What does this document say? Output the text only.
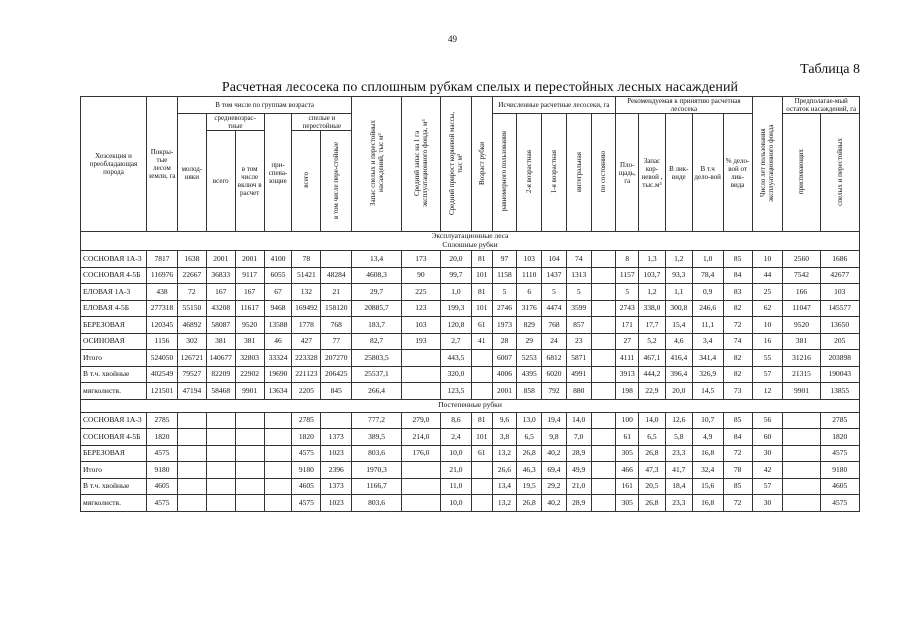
49
Таблица 8
Расчетная лесосека по сплошным рубкам спелых и перестойных лесных насаждений
Хозсекция и преобладающая порода	Покры-тые лесом земли, га	В том числе по группам возраста						Запас спелых и перестойных насаждений, тыс м³	Средний запас на 1 га эксплуатационного фонда, м³	Средний прирост корневой массы, тыс м³	Возраст рубки	Исчисленные расчетные лесосеки, га					Рекомендуемая к принятию расчетная лесосека					Число лет пользования эксплуатационного фонда	Предполагае-мый остаток насаждений, га	
		молод-няки	средневозрас-тные		при-спева-ющие	спелые и перестойные						равномерного пользования	2-я возрастная	1-я возрастная	интегральная	по состоянию	Пло-щадь, га	Запас кор-невой , тыс.м³	В лик-виде	В т.ч дело-вой	% дело-вой от лик-вида		приспевающих	спелых и перестойных
			всего	в том числе включ в расчет		всего	в том числе пере-стойные																	
Эксплуатационные леса																								
Сплошные рубки																								
СОСНОВАЯ 1А-3	7817	1638	2001	2001	4100	78		13,4	173	20,0	81	97	103	104	74		8	1,3	1,2	1,0	85	10	2560	1686
СОСНОВАЯ 4-5Б	116976	22667	36833	9117	6055	51421	48284	4608,3	90	99,7	101	1158	1110	1437	1313		1157	103,7	93,3	78,4	84	44	7542	42677
ЕЛОВАЯ 1А-3	438	72	167	167	67	132	21	29,7	225	1,0	81	5	6	5	5		5	1,2	1,1	0,9	83	25	166	103
ЕЛОВАЯ 4-5Б	277318	55150	43208	11617	9468	169492	158120	20885,7	123	199,3	101	2746	3176	4474	3599		2743	338,0	300,8	246,6	82	62	11047	145577
БЕРЕЗОВАЯ	120345	46892	58087	9520	13588	1778	768	183,7	103	120,8	61	1973	829	768	857		171	17,7	15,4	11,1	72	10	9520	13650
ОСИНОВАЯ	1156	302	381	381	46	427	77	82,7	193	2,7	41	28	29	24	23		27	5,2	4,6	3,4	74	16	381	205
Итого	524050	126721	140677	32803	33324	223328	207270	25803,5		443,5		6007	5253	6812	5871		4111	467,1	416,4	341,4	82	55	31216	203898
В т.ч. хвойные	402549	79527	82209	22902	19690	221123	206425	25537,1		320,0		4006	4395	6020	4991		3913	444,2	396,4	326,9	82	57	21315	190043
мягколиств.	121501	47194	58468	9901	13634	2205	845	266,4		123,5		2001	858	792	880		198	22,9	20,0	14,5	73	12	9901	13855
Постепенные рубки																								
СОСНОВАЯ 1А-3	2785					2785		777,2	279,0	8,6	81	9,6	13,0	19,4	14,0		100	14,0	12,6	10,7	85	56		2785
СОСНОВАЯ 4-5Б	1820					1820	1373	389,5	214,0	2,4	101	3,8	6,5	9,8	7,0		61	6,5	5,8	4,9	84	60		1820
БЕРЕЗОВАЯ	4575					4575	1023	803,6	176,0	10,0	61	13,2	26,8	40,2	28,9		305	26,8	23,3	16,8	72	30		4575
Итого	9180					9180	2396	1970,3		21,0		26,6	46,3	69,4	49,9		466	47,3	41,7	32,4	78	42		9180
В т.ч. хвойные	4605					4605	1373	1166,7		11,0		13,4	19,5	29,2	21,0		161	20,5	18,4	15,6	85	57		4605
мягколиств.	4575					4575	1023	803,6		10,0		13,2	26,8	40,2	28,9		305	26,8	23,3	16,8	72	30		4575
